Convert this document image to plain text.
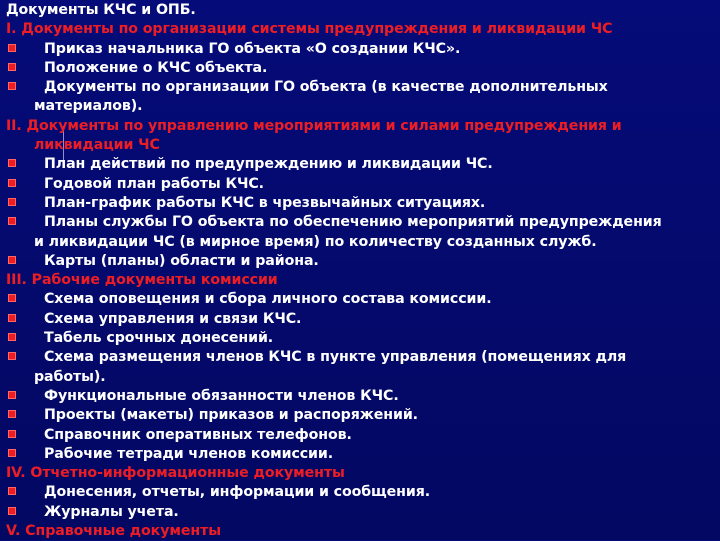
Документы КЧС и ОПБ.
I. Документы по организации системы предупреждения и ликвидации ЧС
Приказ начальника ГО объекта «О создании КЧС».
Положение о КЧС объекта.
Документы по организации ГО объекта (в качестве дополнительных
материалов).
II. Документы по управлению мероприятиями и силами предупреждения и
ликвидации ЧС
План действий по предупреждению и ликвидации ЧС.
Годовой план работы КЧС.
План-график работы КЧС в чрезвычайных ситуациях.
Планы службы ГО объекта по обеспечению мероприятий предупреждения
и ликвидации ЧС (в мирное время) по количеству созданных служб.
Карты (планы) области и района.
III. Рабочие документы комиссии
Схема оповещения и сбора личного состава комиссии.
Схема управления и связи КЧС.
Табель срочных донесений.
Схема размещения членов КЧС в пункте управления (помещениях для
работы).
Функциональные обязанности членов КЧС.
Проекты (макеты) приказов и распоряжений.
Справочник оперативных телефонов.
Рабочие тетради членов комиссии.
IV. Отчетно-информационные документы
Донесения, отчеты, информации и сообщения.
Журналы учета.
V. Справочные документы
